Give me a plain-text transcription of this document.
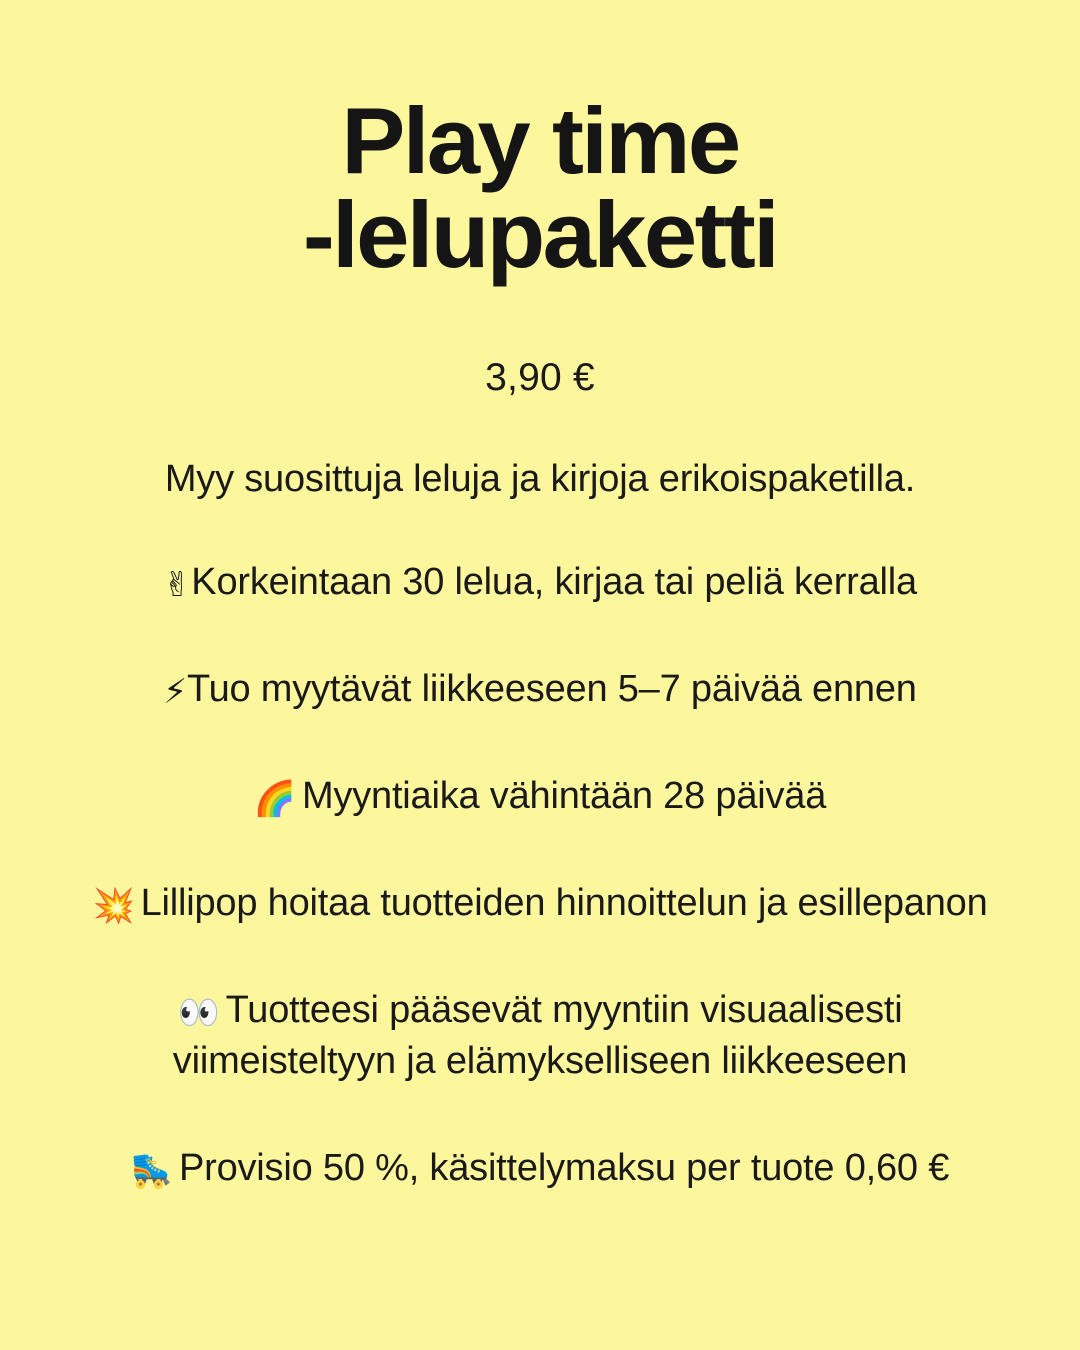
Play time
-lelupaketti
3,90 €

Myy suosittuja leluja ja kirjoja erikoispaketilla.

✌Korkeintaan 30 lelua, kirjaa tai peliä kerralla

⚡Tuo myytävät liikkeeseen 5–7 päivää ennen

🌈 Myyntiaika vähintään 28 päivää

💥 Lillipop hoitaa tuotteiden hinnoittelun ja esillepanon

👀 Tuotteesi pääsevät myyntiin visuaalisesti viimeisteltyyn ja elämykselliseen liikkeeseen

🛼 Provisio 50 %, käsittelymaksu per tuote 0,60 €
